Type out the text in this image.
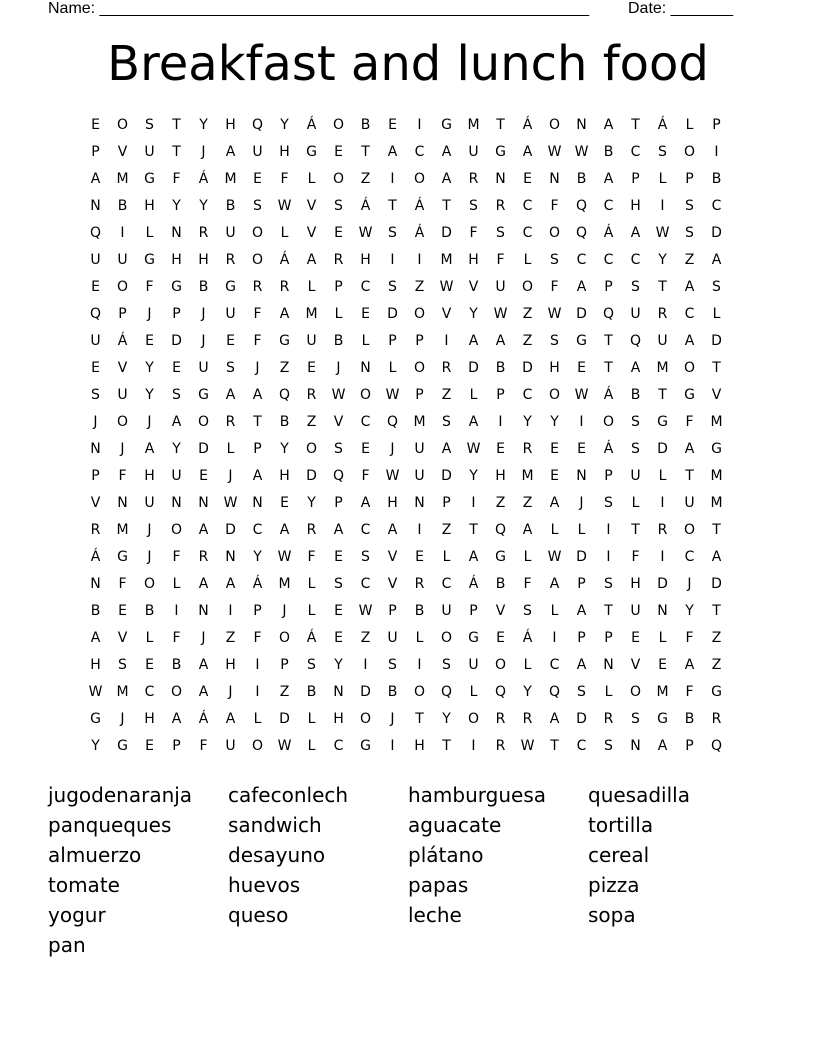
Name: _______________________________________________________ Date: _______
Breakfast and lunch food
E	O	S	T	Y	H	Q	Y	Á	O	B	E	I	G	M	T	Á	O	N	A	T	Á	L	P
P	V	U	T	J	A	U	H	G	E	T	A	C	A	U	G	A	W W	B	C	S	O	I
A	M	G	F	Á	M	E	F	L	O	Z	I	O	A	R	N	E	N	B	A	P	L	P	B
N	B	H	Y	Y	B	S	W	V	S	Á	T	Á	T	S	R	C	F	Q	C	H	I	S	C
Q	I	L	N	R	U	O	L	V	E	W	S	Á	D	F	S	C	O	Q	Á	A	W	S	D
U	U	G	H	H	R	O	Á	A	R	H	I	I	M	H	F	L	S	C	C	C	Y	Z	A
E	O	F	G	B	G	R	R	L	P	C	S	Z	W	V	U	O	F	A	P	S	T	A	S
Q	P	J	P	J	U	F	A	M	L	E	D	O	V	Y	W	Z	W	D	Q	U	R	C	L
U	Á	E	D	J	E	F	G	U	B	L	P	P	I	A	A	Z	S	G	T	Q	U	A	D
E	V	Y	E	U	S	J	Z	E	J	N	L	O	R	D	B	D	H	E	T	A	M	O	T
S	U	Y	S	G	A	A	Q	R	W	O	W	P	Z	L	P	C	O	W	Á	B	T	G	V
J	O	J	A	O	R	T	B	Z	V	C	Q	M	S	A	I	Y	Y	I	O	S	G	F	M
N	J	A	Y	D	L	P	Y	O	S	E	J	U	A	W	E	R	E	E	Á	S	D	A	G
P	F	H	U	E	J	A	H	D	Q	F	W	U	D	Y	H	M	E	N	P	U	L	T	M
V	N	U	N	N	W	N	E	Y	P	A	H	N	P	I	Z	Z	A	J	S	L	I	U	M
R	M	J	O	A	D	C	A	R	A	C	A	I	Z	T	Q	A	L	L	I	T	R	O	T
Á	G	J	F	R	N	Y	W	F	E	S	V	E	L	A	G	L	W	D	I	F	I	C	A
N	F	O	L	A	A	Á	M	L	S	C	V	R	C	Á	B	F	A	P	S	H	D	J	D
B	E	B	I	N	I	P	J	L	E	W	P	B	U	P	V	S	L	A	T	U	N	Y	T
A	V	L	F	J	Z	F	O	Á	E	Z	U	L	O	G	E	Á	I	P	P	E	L	F	Z
H	S	E	B	A	H	I	P	S	Y	I	S	I	S	U	O	L	C	A	N	V	E	A	Z
W	M	C	O	A	J	I	Z	B	N	D	B	O	Q	L	Q	Y	Q	S	L	O	M	F	G
G	J	H	A	Á	A	L	D	L	H	O	J	T	Y	O	R	R	A	D	R	S	G	B	R
Y	G	E	P	F	U	O	W	L	C	G	I	H	T	I	R	W	T	C	S	N	A	P	Q
jugodenaranja	cafeconlech	hamburguesa	quesadilla
panqueques	sandwich	aguacate	tortilla
almuerzo	desayuno	plátano	cereal
tomate	huevos	papas	pizza
yogur	queso	leche	sopa
pan
